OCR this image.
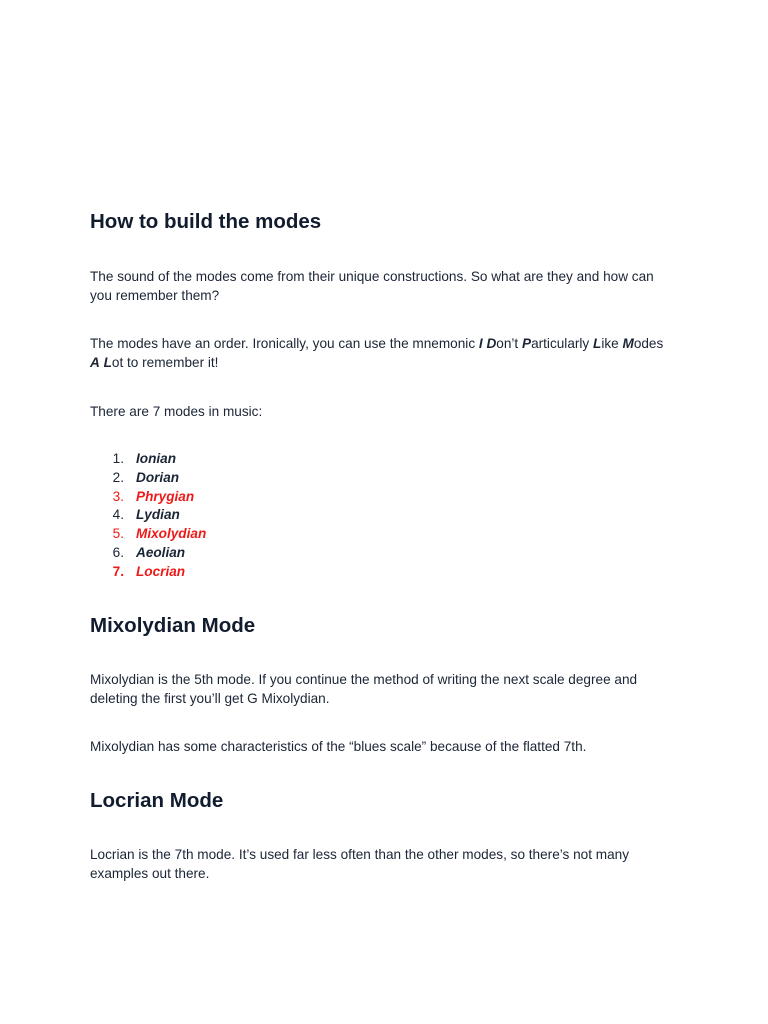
How to build the modes

The sound of the modes come from their unique constructions. So what are they and how can
you remember them?

The modes have an order. Ironically, you can use the mnemonic I Don’t Particularly Like Modes
A Lot to remember it!

There are 7 modes in music:

1. Ionian
2. Dorian
3. Phrygian
4. Lydian
5. Mixolydian
6. Aeolian
7. Locrian
Mixolydian Mode

Mixolydian is the 5th mode. If you continue the method of writing the next scale degree and
deleting the first you’ll get G Mixolydian.

Mixolydian has some characteristics of the “blues scale” because of the flatted 7th.

Locrian Mode

Locrian is the 7th mode. It’s used far less often than the other modes, so there’s not many
examples out there.
